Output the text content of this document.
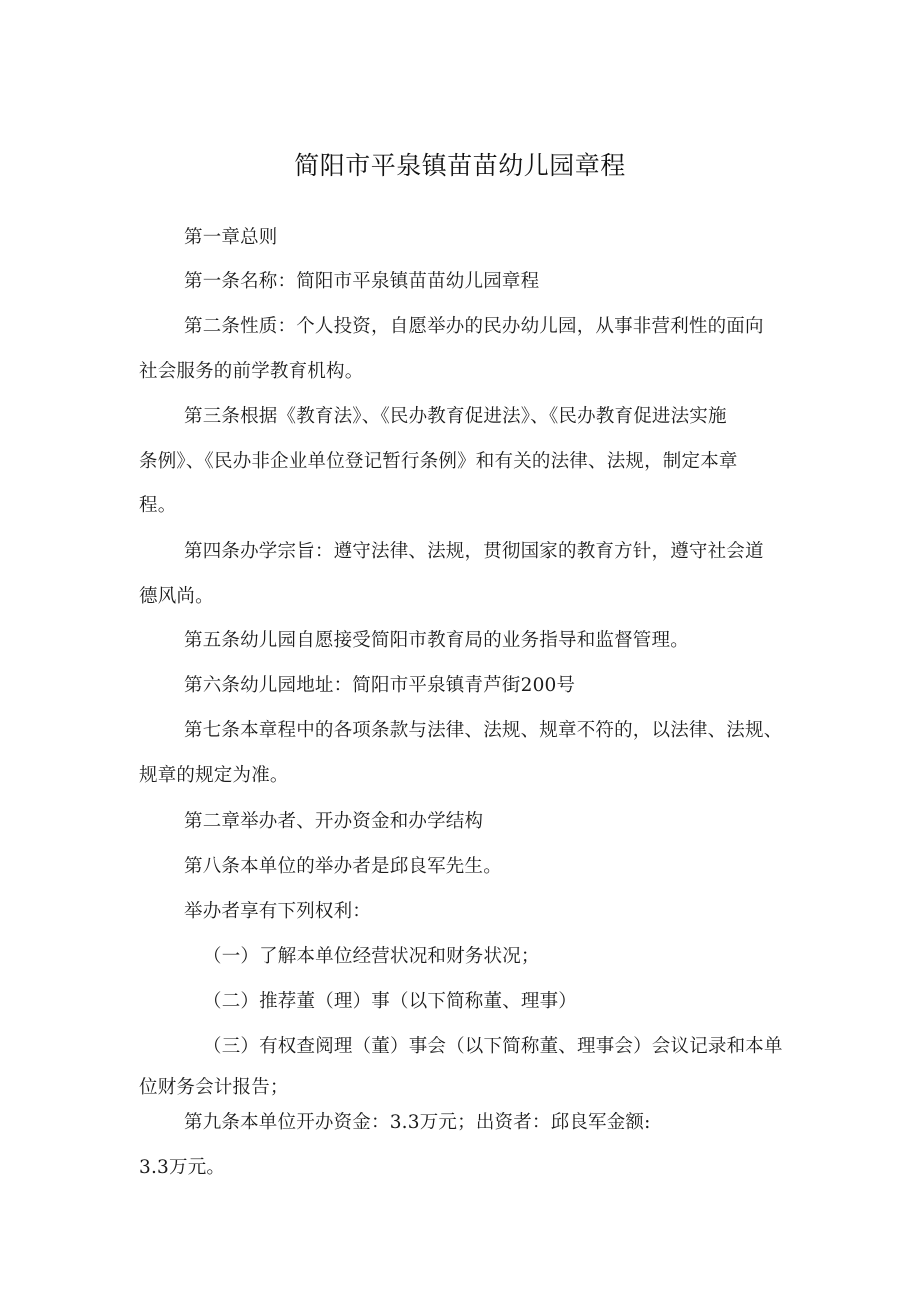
简阳市平泉镇苗苗幼儿园章程
第一章总则
第一条名称：简阳市平泉镇苗苗幼儿园章程
第二条性质：个人投资，自愿举办的民办幼儿园，从事非营利性的面向
社会服务的前学教育机构。
第三条根据《教育法》、《民办教育促进法》、《民办教育促进法实施
条例》、《民办非企业单位登记暂行条例》和有关的法律、法规，制定本章
程。
第四条办学宗旨：遵守法律、法规，贯彻国家的教育方针，遵守社会道
德风尚。
第五条幼儿园自愿接受简阳市教育局的业务指导和监督管理。
第六条幼儿园地址：简阳市平泉镇青芦街200号
第七条本章程中的各项条款与法律、法规、规章不符的，以法律、法规、
规章的规定为准。
第二章举办者、开办资金和办学结构
第八条本单位的举办者是邱良军先生。
举办者享有下列权利：
（一）了解本单位经营状况和财务状况；
（二）推荐董（理）事（以下简称董、理事）
（三）有权查阅理（董）事会（以下简称董、理事会）会议记录和本单
位财务会计报告；
第九条本单位开办资金：3.3万元；出资者：邱良军金额:
3.3万元。
